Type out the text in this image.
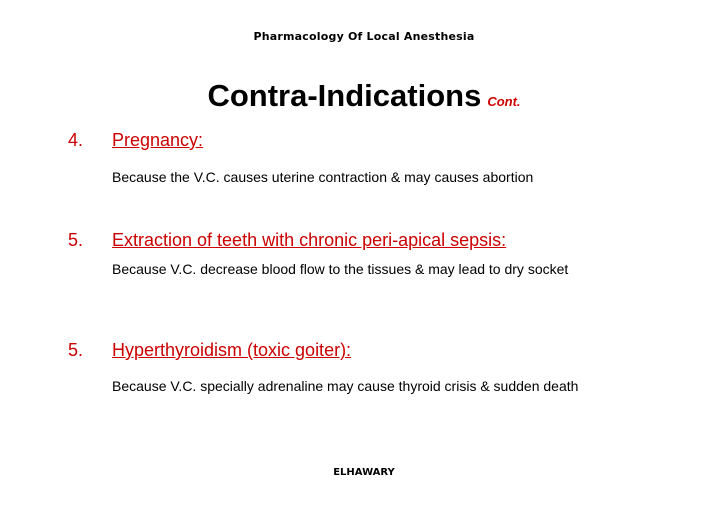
Pharmacology Of Local Anesthesia
Contra-Indications Cont.
4. Pregnancy:
Because the V.C. causes uterine contraction & may causes abortion
5. Extraction of teeth with chronic peri-apical sepsis:
Because V.C. decrease blood flow to the tissues & may lead to dry socket
5. Hyperthyroidism (toxic goiter):
Because V.C. specially adrenaline may cause thyroid crisis & sudden death
ELHAWARY
